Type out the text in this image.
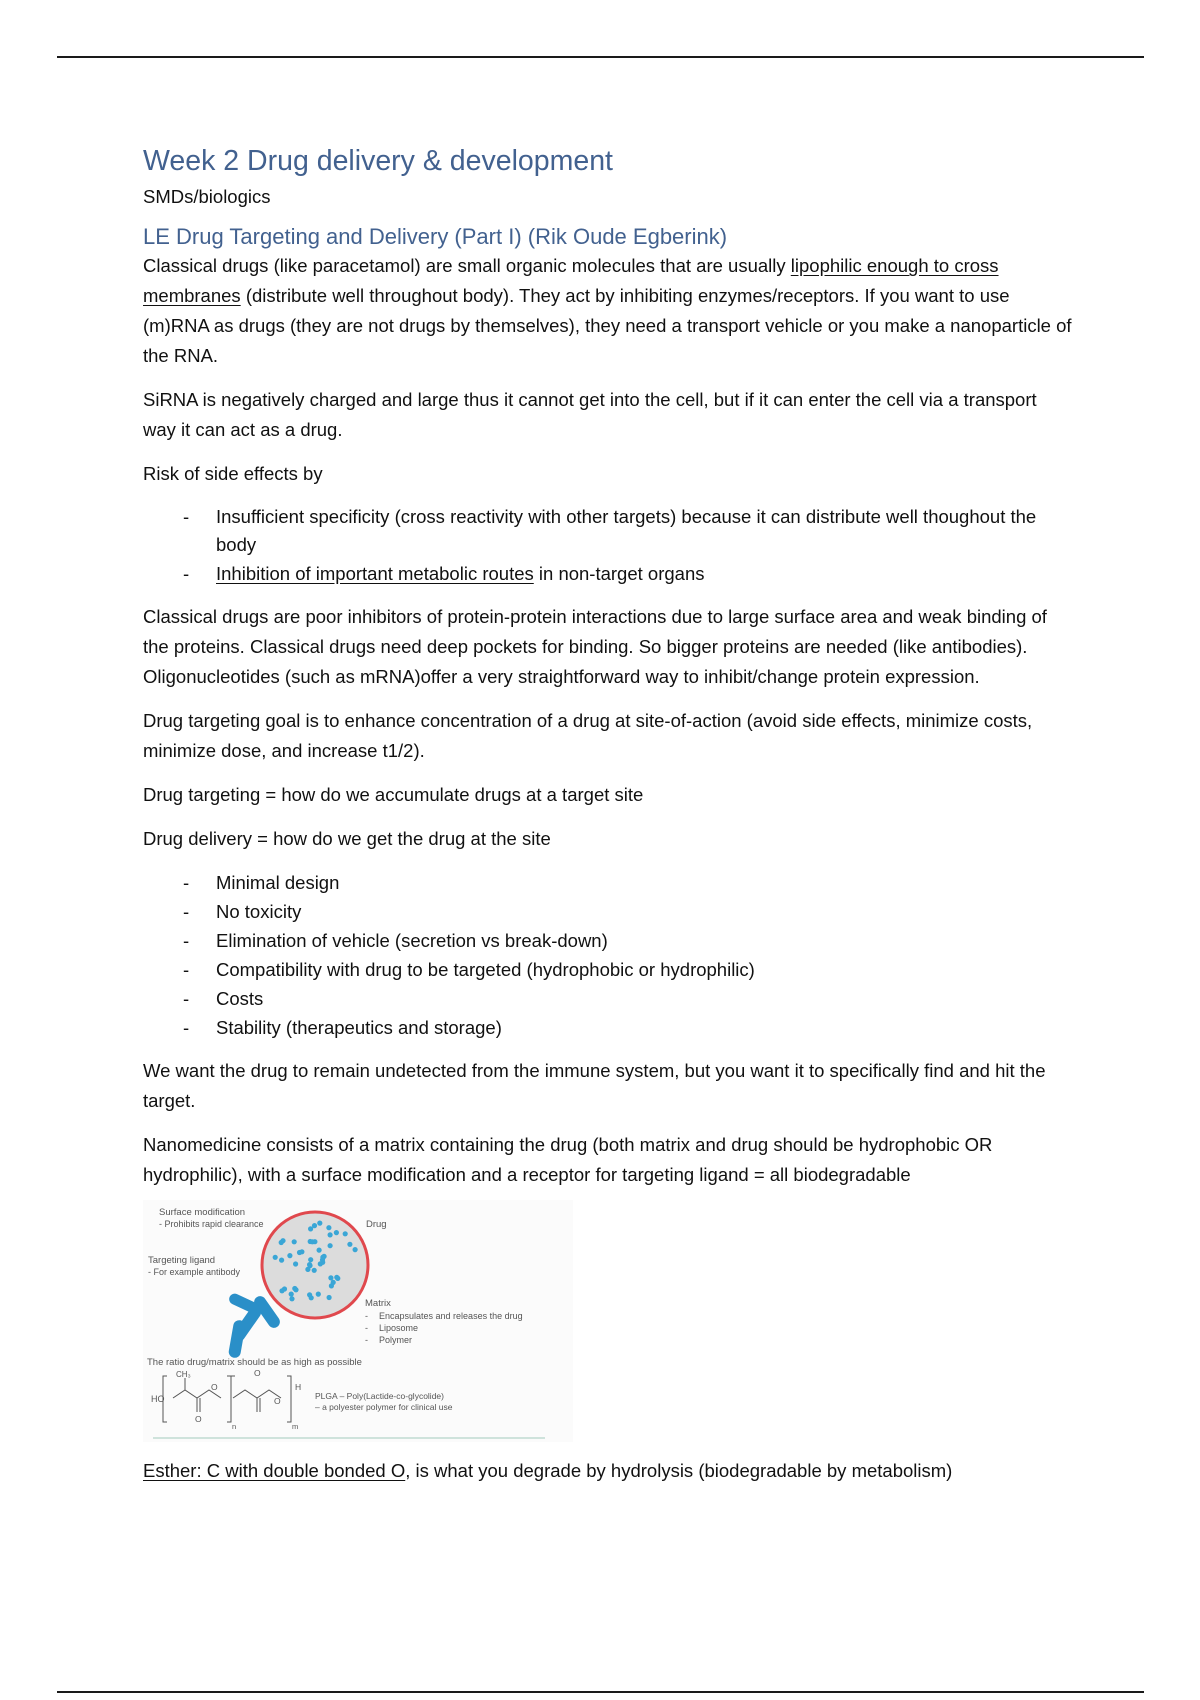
Week 2 Drug delivery & development
SMDs/biologics
LE Drug Targeting and Delivery (Part I) (Rik Oude Egberink)

Classical drugs (like paracetamol) are small organic molecules that are usually lipophilic enough to cross membranes (distribute well throughout body). They act by inhibiting enzymes/receptors. If you want to use (m)RNA as drugs (they are not drugs by themselves), they need a transport vehicle or you make a nanoparticle of the RNA.

SiRNA is negatively charged and large thus it cannot get into the cell, but if it can enter the cell via a transport way it can act as a drug.

Risk of side effects by

- Insufficient specificity (cross reactivity with other targets) because it can distribute well thoughout the body
- Inhibition of important metabolic routes in non-target organs

Classical drugs are poor inhibitors of protein-protein interactions due to large surface area and weak binding of the proteins. Classical drugs need deep pockets for binding. So bigger proteins are needed (like antibodies). Oligonucleotides (such as mRNA)offer a very straightforward way to inhibit/change protein expression.

Drug targeting goal is to enhance concentration of a drug at site-of-action (avoid side effects, minimize costs, minimize dose, and increase t1/2).

Drug targeting = how do we accumulate drugs at a target site

Drug delivery = how do we get the drug at the site

- Minimal design
- No toxicity
- Elimination of vehicle (secretion vs break-down)
- Compatibility with drug to be targeted (hydrophobic or hydrophilic)
- Costs
- Stability (therapeutics and storage)

We want the drug to remain undetected from the immune system, but you want it to specifically find and hit the target.

Nanomedicine consists of a matrix containing the drug (both matrix and drug should be hydrophobic OR hydrophilic), with a surface modification and a receptor for targeting ligand = all biodegradable

Surface modification
- Prohibits rapid clearance	Drug
Targeting ligand
- For example antibody
Matrix
- Encapsulates and releases the drug
- Liposome
- Polymer
The ratio drug/matrix should be as high as possible
HO
CH₃
O
O
O
O
H
n	m
PLGA – Poly(Lactide-co-glycolide)
– a polyester polymer for clinical use

Esther: C with double bonded O, is what you degrade by hydrolysis (biodegradable by metabolism)
